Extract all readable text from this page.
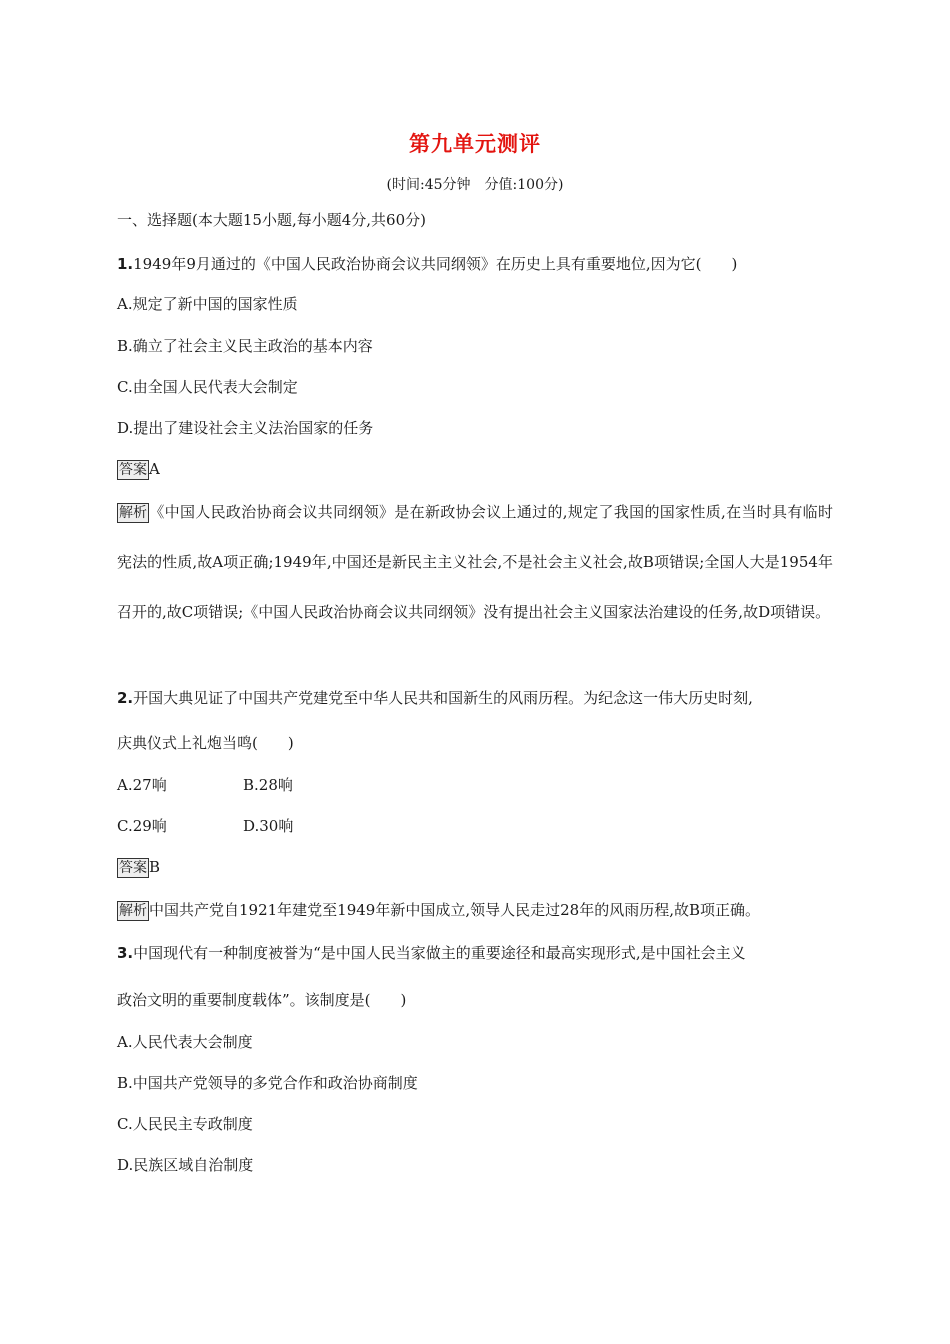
第九单元测评
(时间:45分钟　分值:100分)
一、选择题(本大题15小题,每小题4分,共60分)
1.1949年9月通过的《中国人民政治协商会议共同纲领》在历史上具有重要地位,因为它(　　)
A.规定了新中国的国家性质
B.确立了社会主义民主政治的基本内容
C.由全国人民代表大会制定
D.提出了建设社会主义法治国家的任务
答案 A
解析 《中国人民政治协商会议共同纲领》是在新政协会议上通过的,规定了我国的国家性质,在当时具有临时宪法的性质,故A项正确;1949年,中国还是新民主主义社会,不是社会主义社会,故B项错误;全国人大是1954年召开的,故C项错误;《中国人民政治协商会议共同纲领》没有提出社会主义国家法治建设的任务,故D项错误。
2.开国大典见证了中国共产党建党至中华人民共和国新生的风雨历程。为纪念这一伟大历史时刻,
庆典仪式上礼炮当鸣(　　)
A.27响	B.28响
C.29响	D.30响
答案 B
解析 中国共产党自1921年建党至1949年新中国成立,领导人民走过28年的风雨历程,故B项正确。
3.中国现代有一种制度被誉为“是中国人民当家做主的重要途径和最高实现形式,是中国社会主义
政治文明的重要制度载体”。该制度是(　　)
A.人民代表大会制度
B.中国共产党领导的多党合作和政治协商制度
C.人民民主专政制度
D.民族区域自治制度
